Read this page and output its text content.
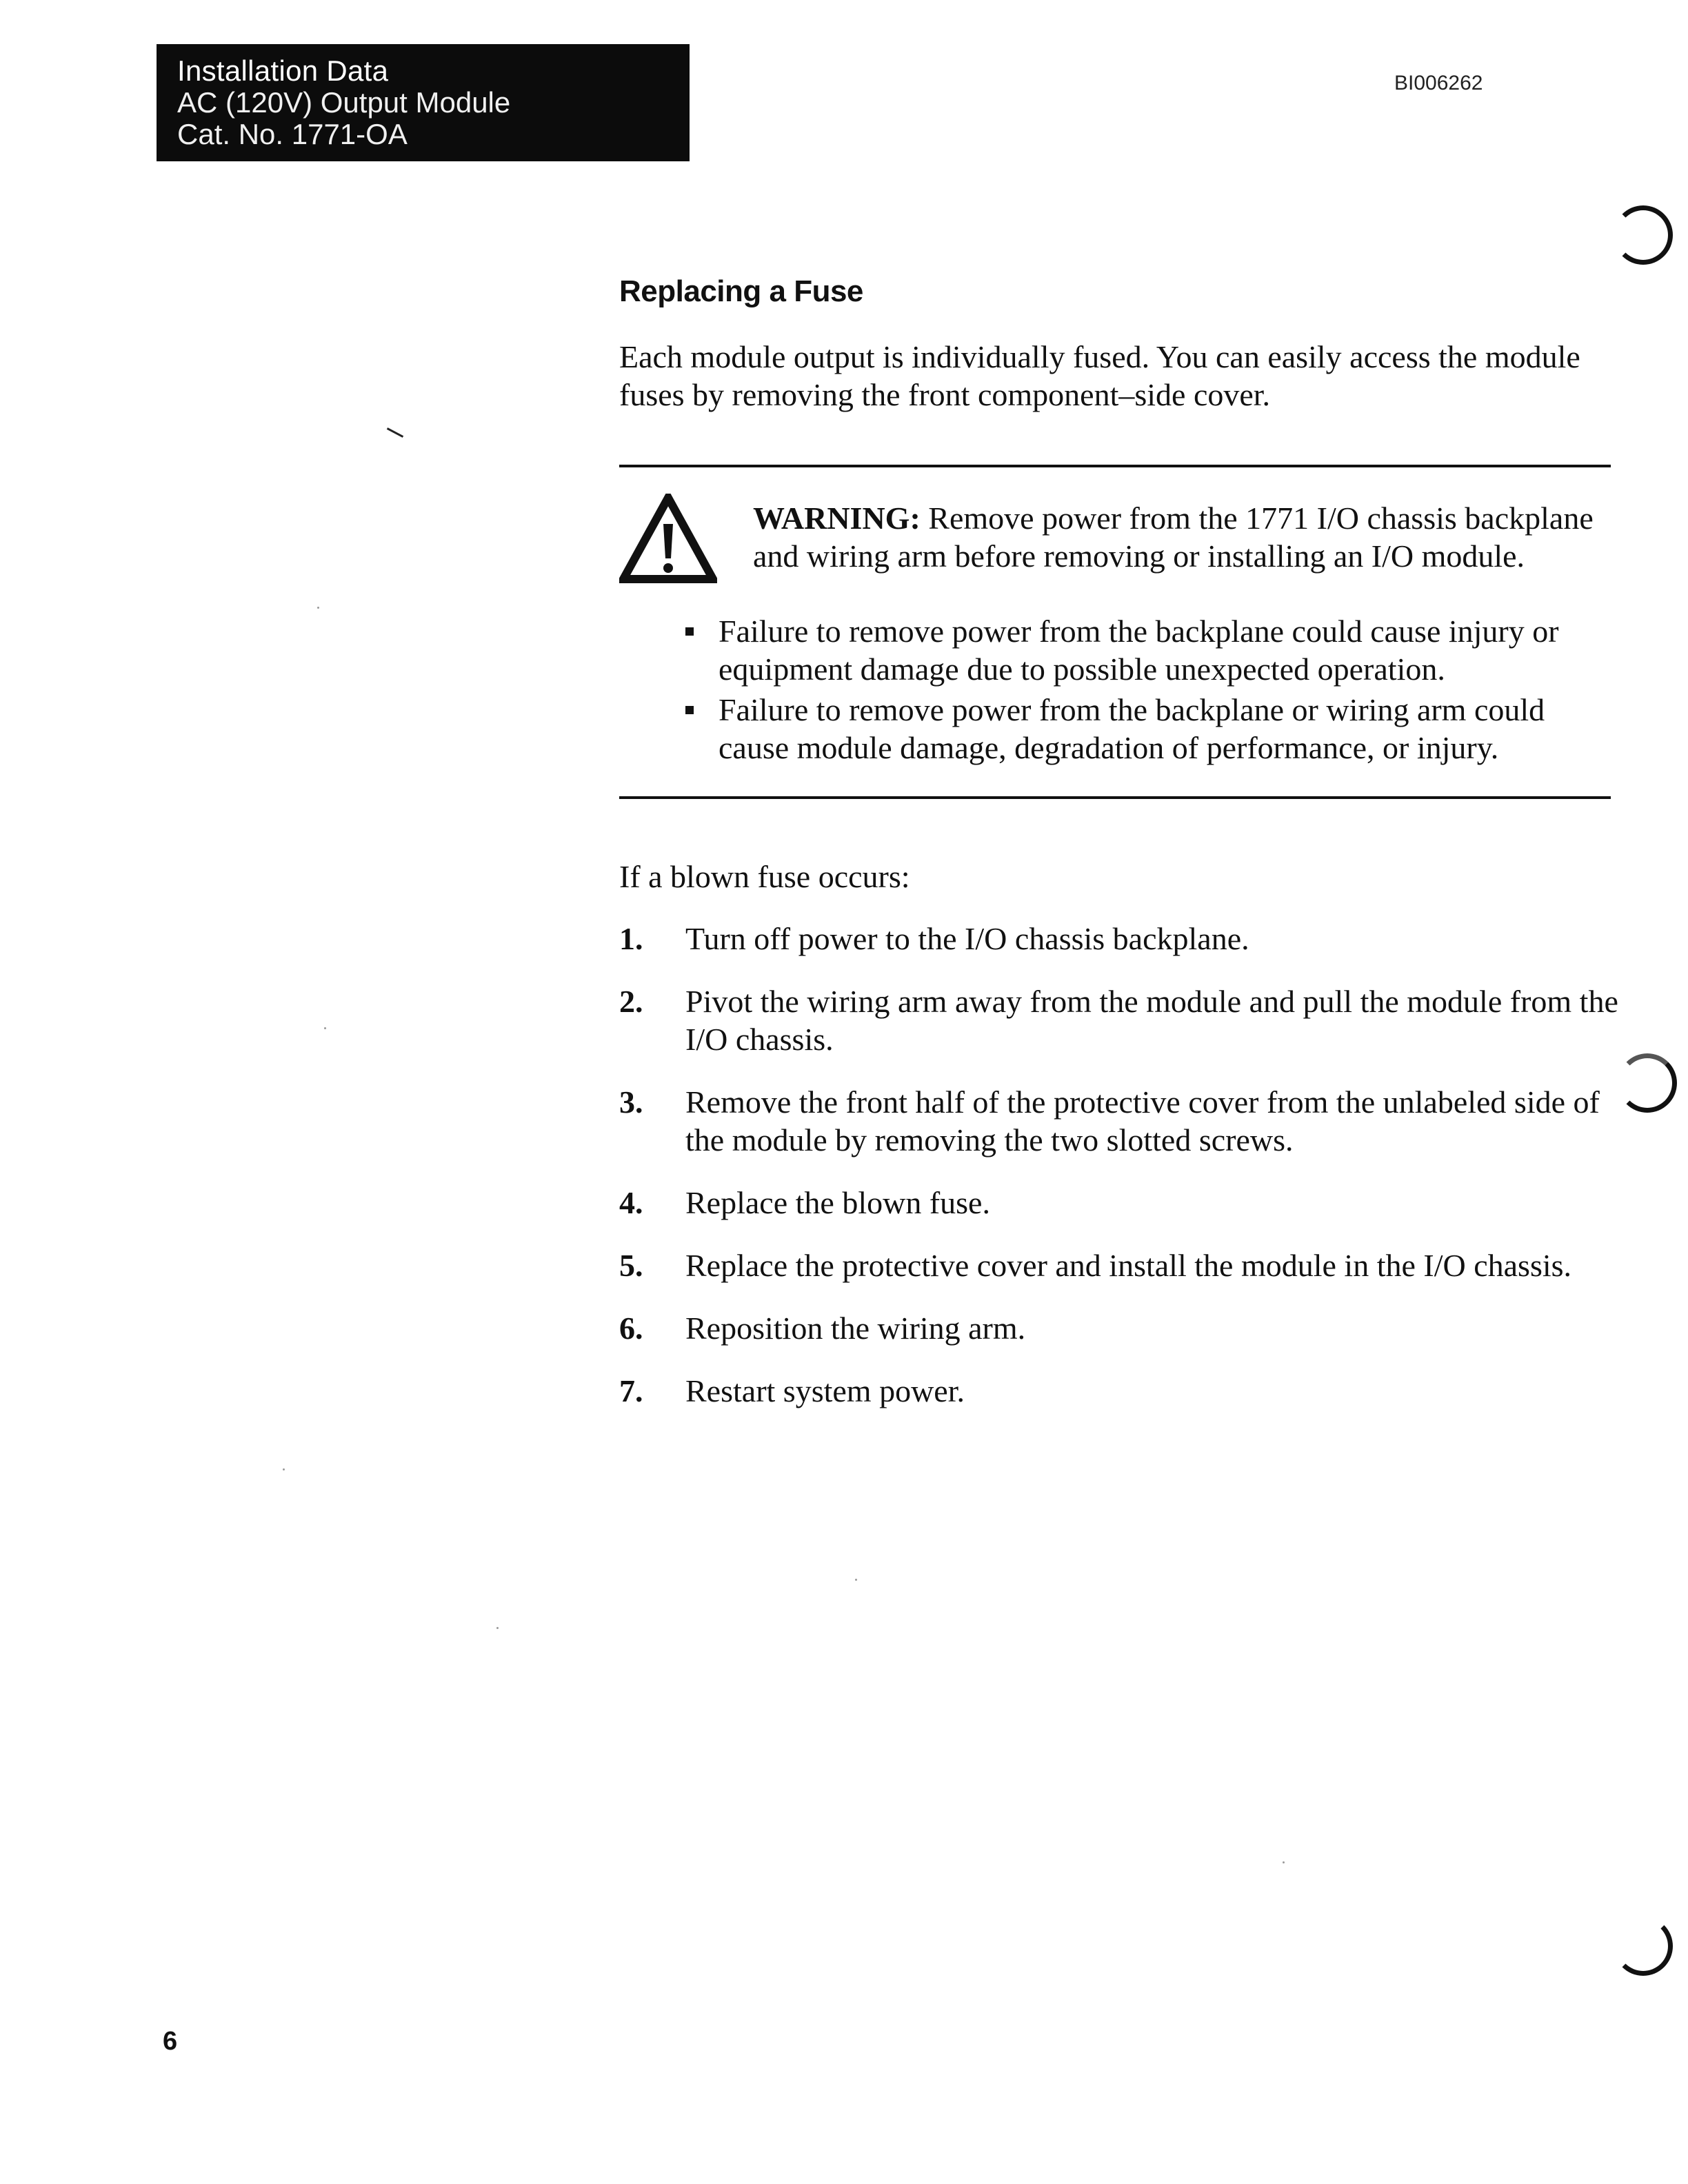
Installation Data
AC (120V) Output Module
Cat. No. 1771-OA
BI006262
Replacing a Fuse

Each module output is individually fused. You can easily access the module fuses by removing the front component–side cover.

WARNING: Remove power from the 1771 I/O chassis backplane and wiring arm before removing or installing an I/O module.

Failure to remove power from the backplane could cause injury or equipment damage due to possible unexpected operation.
Failure to remove power from the backplane or wiring arm could cause module damage, degradation of performance, or injury.

If a blown fuse occurs:

1. Turn off power to the I/O chassis backplane.
2. Pivot the wiring arm away from the module and pull the module from the I/O chassis.
3. Remove the front half of the protective cover from the unlabeled side of the module by removing the two slotted screws.
4. Replace the blown fuse.
5. Replace the protective cover and install the module in the I/O chassis.
6. Reposition the wiring arm.
7. Restart system power.
6
